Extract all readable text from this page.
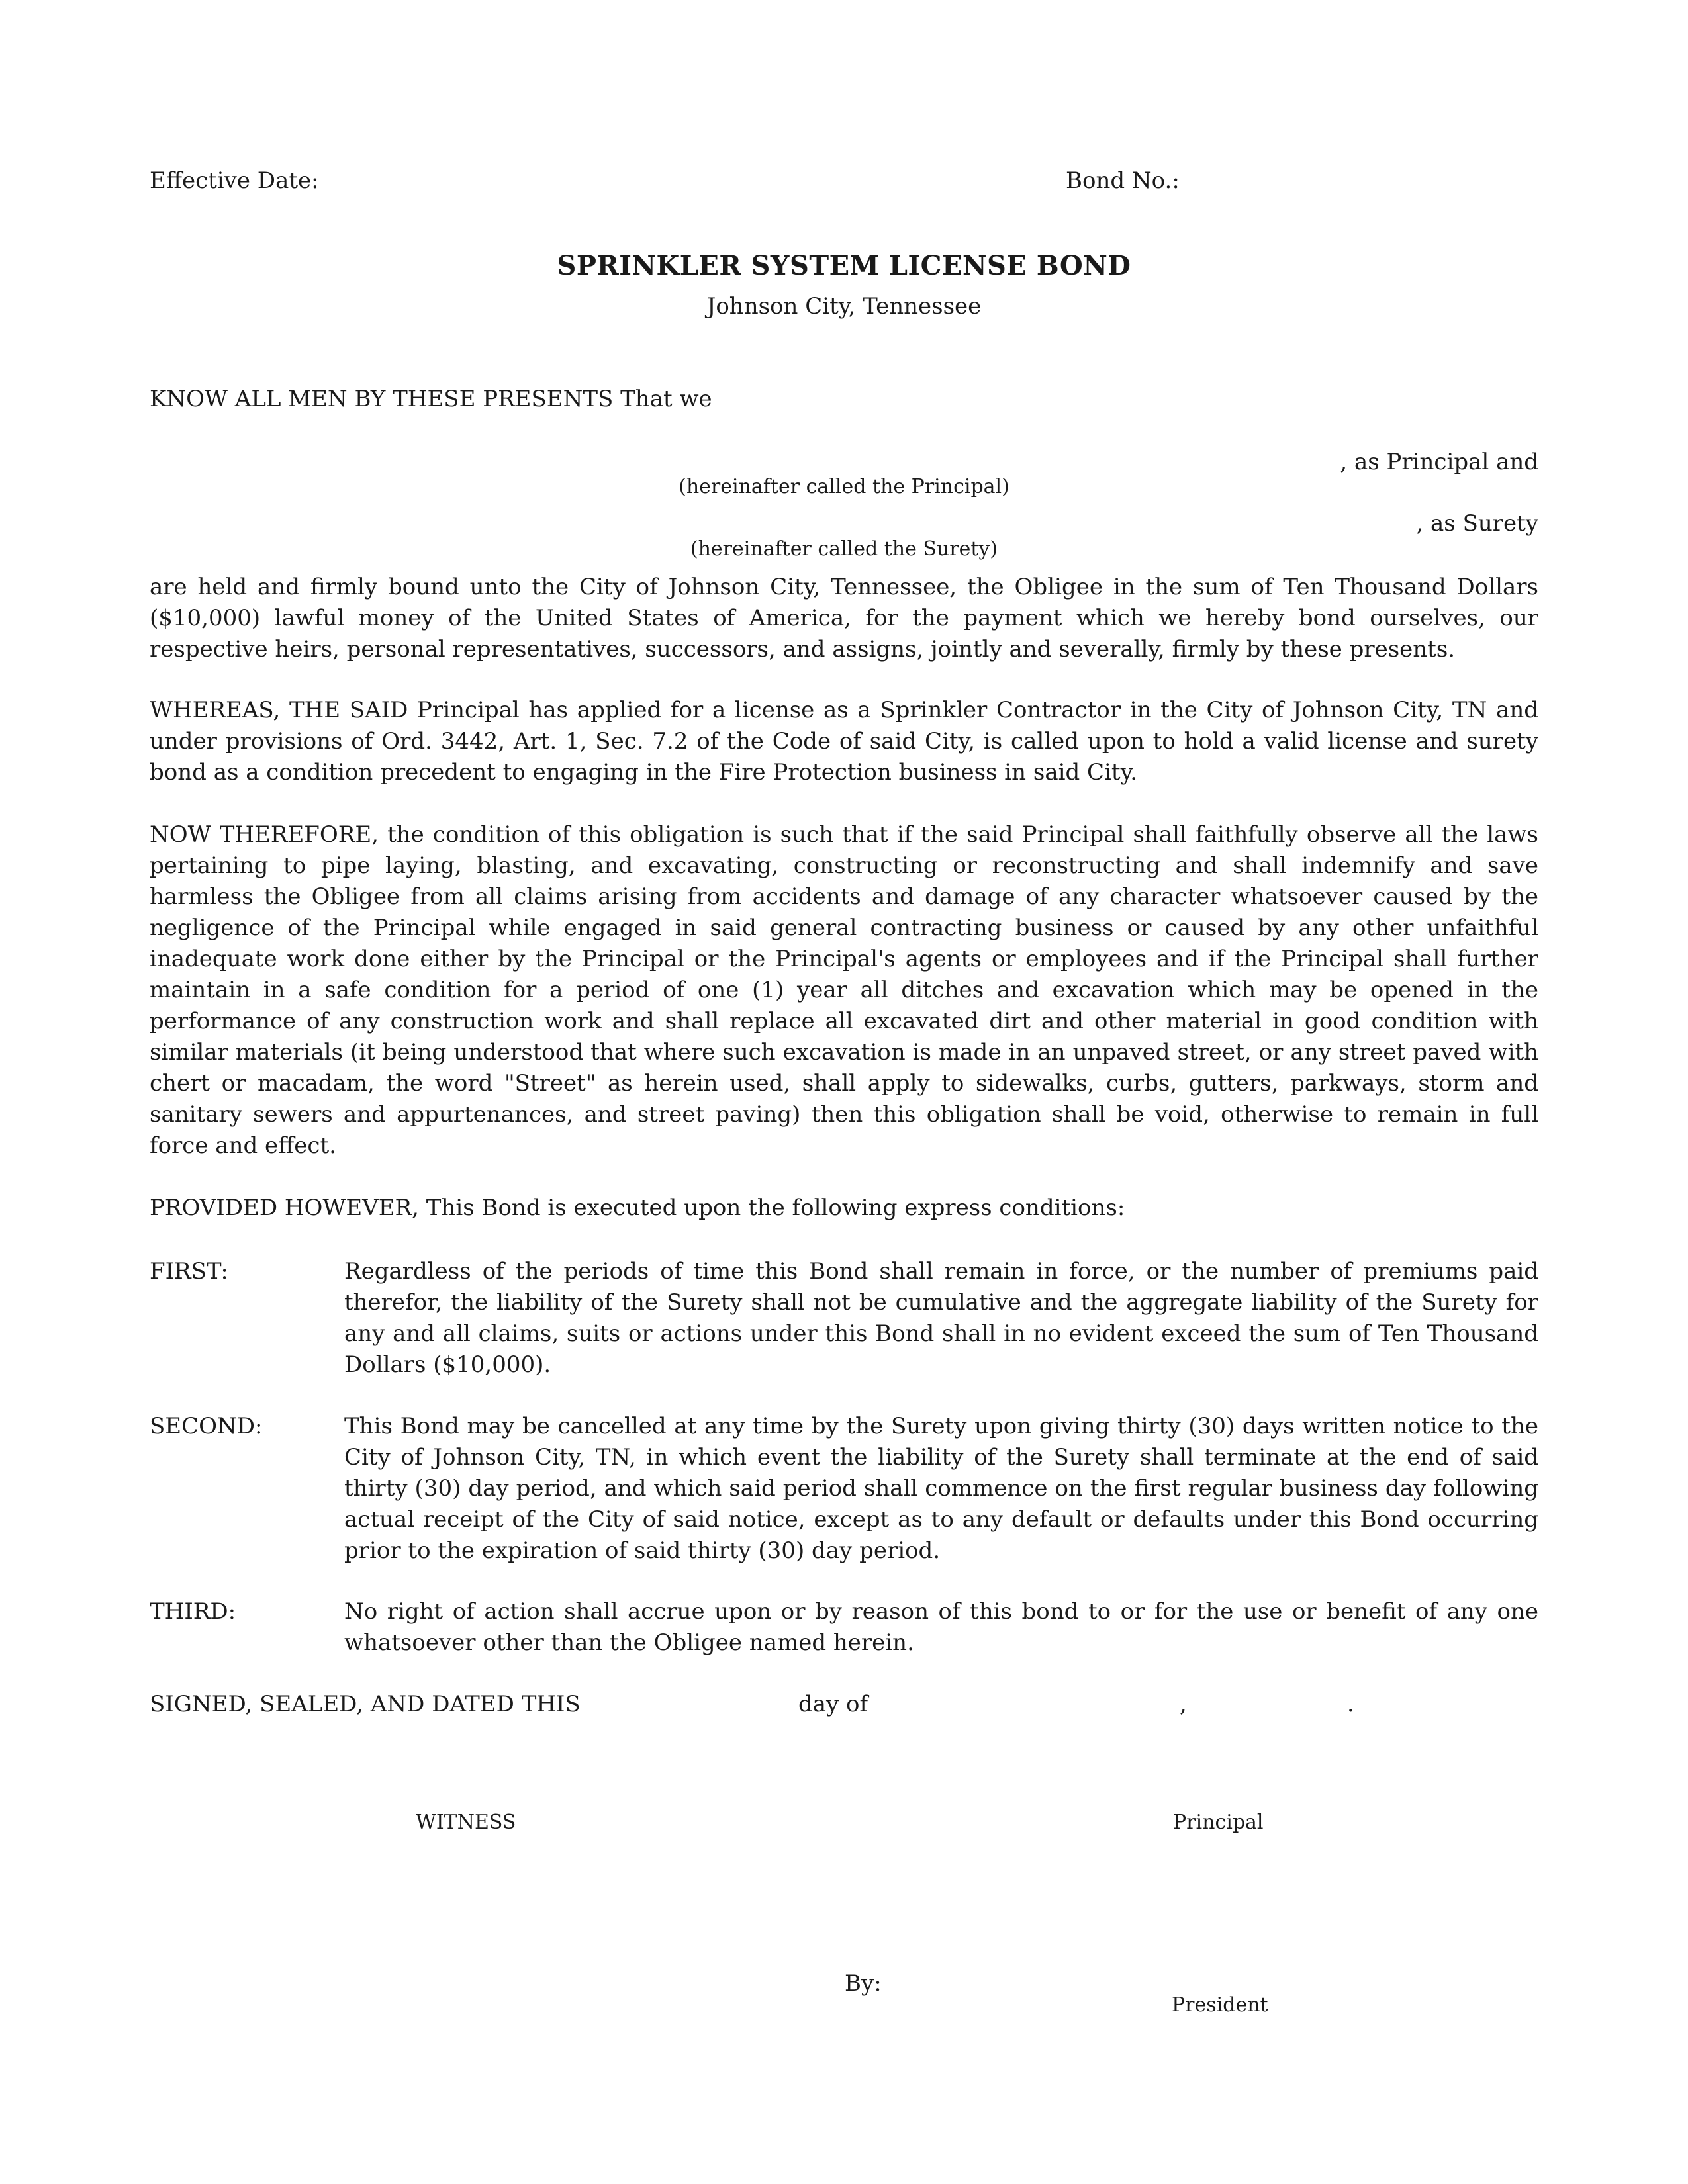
Effective Date:	Bond No.:
SPRINKLER SYSTEM LICENSE BOND
Johnson City, Tennessee
KNOW ALL MEN BY THESE PRESENTS That we
, as Principal and
(hereinafter called the Principal)
, as Surety
(hereinafter called the Surety)
are held and firmly bound unto the City of Johnson City, Tennessee, the Obligee in the sum of Ten Thousand Dollars ($10,000) lawful money of the United States of America, for the payment which we hereby bond ourselves, our respective heirs, personal representatives, successors, and assigns, jointly and severally, firmly by these presents.
WHEREAS, THE SAID Principal has applied for a license as a Sprinkler Contractor in the City of Johnson City, TN and under provisions of Ord. 3442, Art. 1, Sec. 7.2 of the Code of said City, is called upon to hold a valid license and surety bond as a condition precedent to engaging in the Fire Protection business in said City.
NOW THEREFORE, the condition of this obligation is such that if the said Principal shall faithfully observe all the laws pertaining to pipe laying, blasting, and excavating, constructing or reconstructing and shall indemnify and save harmless the Obligee from all claims arising from accidents and damage of any character whatsoever caused by the negligence of the Principal while engaged in said general contracting business or caused by any other unfaithful inadequate work done either by the Principal or the Principal's agents or employees and if the Principal shall further maintain in a safe condition for a period of one (1) year all ditches and excavation which may be opened in the performance of any construction work and shall replace all excavated dirt and other material in good condition with similar materials (it being understood that where such excavation is made in an unpaved street, or any street paved with chert or macadam, the word "Street" as herein used, shall apply to sidewalks, curbs, gutters, parkways, storm and sanitary sewers and appurtenances, and street paving) then this obligation shall be void, otherwise to remain in full force and effect.
PROVIDED HOWEVER, This Bond is executed upon the following express conditions:
FIRST:	Regardless of the periods of time this Bond shall remain in force, or the number of premiums paid therefor, the liability of the Surety shall not be cumulative and the aggregate liability of the Surety for any and all claims, suits or actions under this Bond shall in no evident exceed the sum of Ten Thousand Dollars ($10,000).
SECOND:	This Bond may be cancelled at any time by the Surety upon giving thirty (30) days written notice to the City of Johnson City, TN, in which event the liability of the Surety shall terminate at the end of said thirty (30) day period, and which said period shall commence on the first regular business day following actual receipt of the City of said notice, except as to any default or defaults under this Bond occurring prior to the expiration of said thirty (30) day period.
THIRD:	No right of action shall accrue upon or by reason of this bond to or for the use or benefit of any one whatsoever other than the Obligee named herein.
SIGNED, SEALED, AND DATED THIS	day of	,	.
WITNESS	Principal
By:
President
